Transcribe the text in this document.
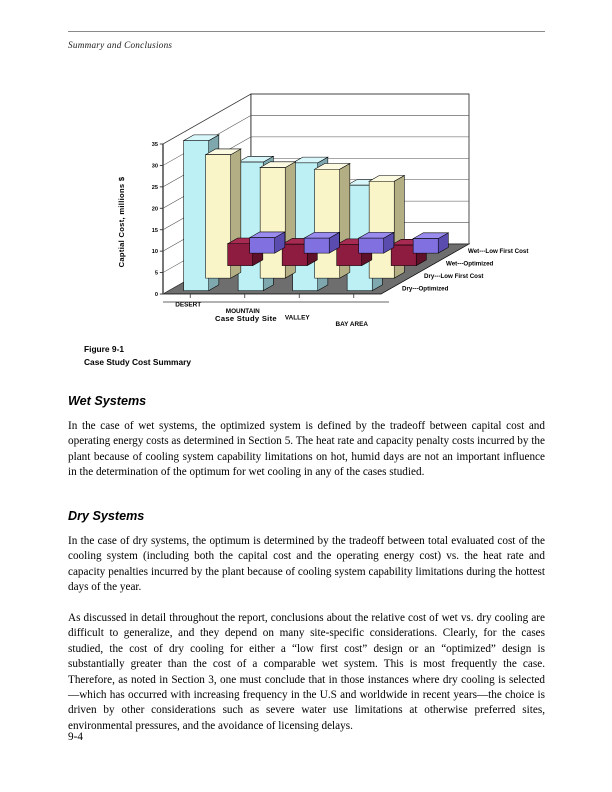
Summary and Conclusions
0
5
10
15
20
25
30
35
Captial Cost, millions $
DESERT
MOUNTAIN
VALLEY
BAY AREA
Case Study Site
Dry---Optimized
Dry---Low First Cost
Wet---Optimized
Wet---Low First Cost
Figure 9-1
Case Study Cost Summary
Wet Systems
In the case of wet systems, the optimized system is defined by the tradeoff between capital cost and operating energy costs as determined in Section 5. The heat rate and capacity penalty costs incurred by the plant because of cooling system capability limitations on hot, humid days are not an important influence in the determination of the optimum for wet cooling in any of the cases studied.
Dry Systems
In the case of dry systems, the optimum is determined by the tradeoff between total evaluated cost of the cooling system (including both the capital cost and the operating energy cost) vs. the heat rate and capacity penalties incurred by the plant because of cooling system capability limitations during the hottest days of the year.
As discussed in detail throughout the report, conclusions about the relative cost of wet vs. dry cooling are difficult to generalize, and they depend on many site-specific considerations. Clearly, for the cases studied, the cost of dry cooling for either a “low first cost” design or an “optimized” design is substantially greater than the cost of a comparable wet system. This is most frequently the case. Therefore, as noted in Section 3, one must conclude that in those instances where dry cooling is selected—which has occurred with increasing frequency in the U.S and worldwide in recent years—the choice is driven by other considerations such as severe water use limitations at otherwise preferred sites, environmental pressures, and the avoidance of licensing delays.
9-4
